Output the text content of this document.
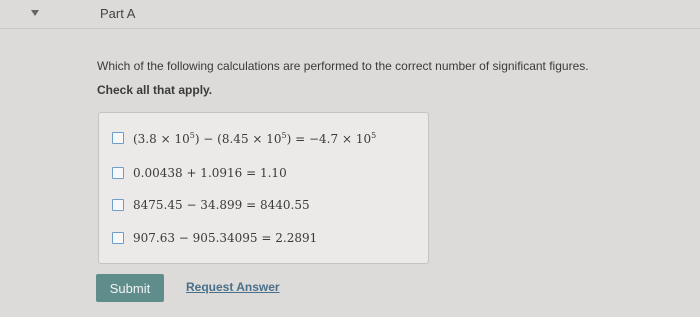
Part A
Which of the following calculations are performed to the correct number of significant figures.
Check all that apply.
$(3.8 \times 10^5) - (8.45 \times 10^5) = -4.7 \times 10^5$
0.00438 + 1.0916 = 1.10
8475.45 − 34.899 = 8440.55
907.63 − 905.34095 = 2.2891
Submit	Request Answer
